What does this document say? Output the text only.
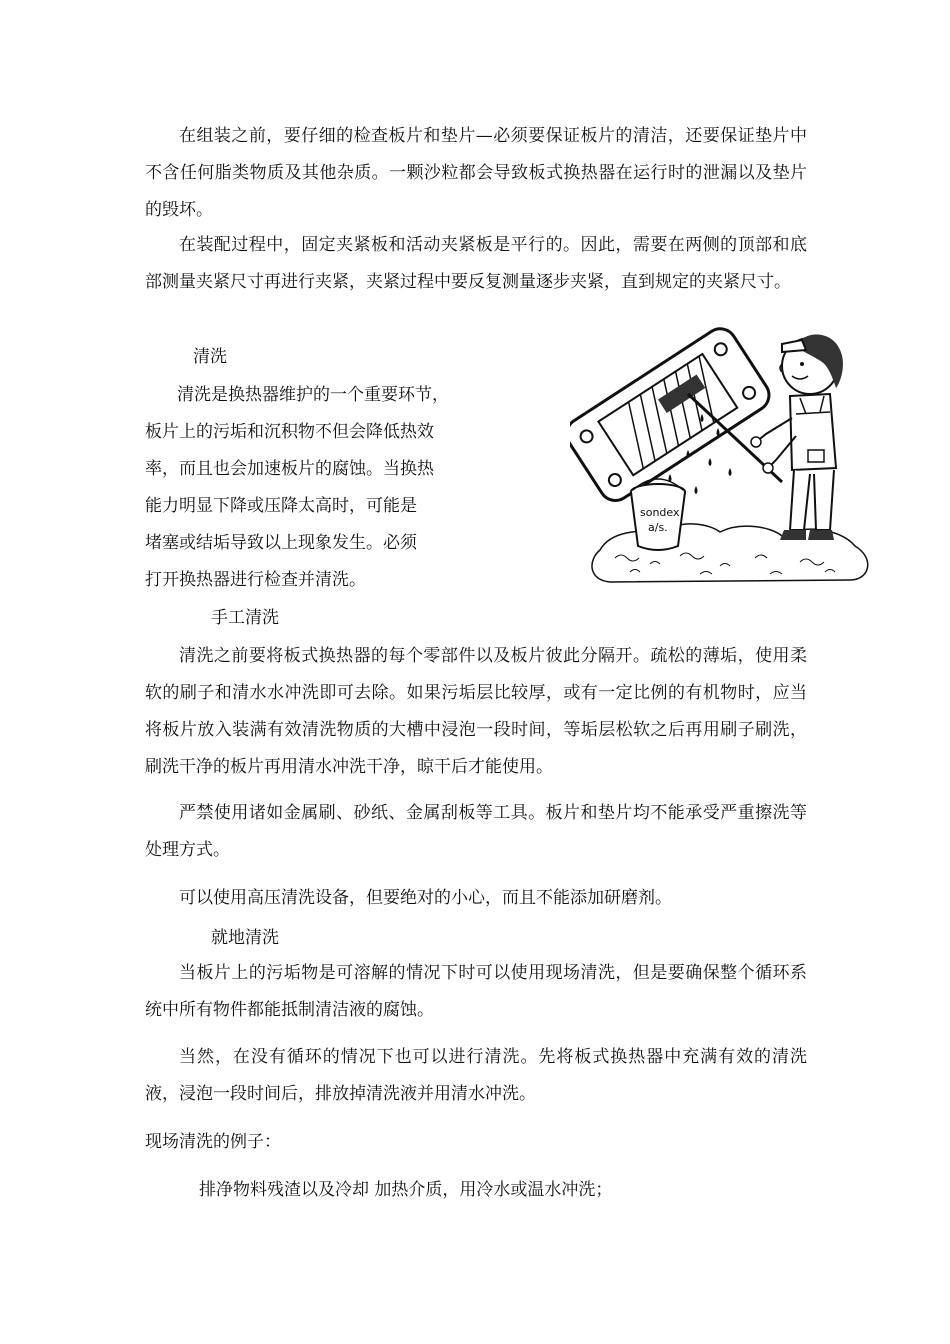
在组装之前，要仔细的检查板片和垫片—必须要保证板片的清洁，还要保证垫片中不含任何脂类物质及其他杂质。一颗沙粒都会导致板式换热器在运行时的泄漏以及垫片的毁坏。

在装配过程中，固定夹紧板和活动夹紧板是平行的。因此，需要在两侧的顶部和底部测量夹紧尺寸再进行夹紧，夹紧过程中要反复测量逐步夹紧，直到规定的夹紧尺寸。

清洗

清洗是换热器维护的一个重要环节，

板片上的污垢和沉积物不但会降低热效

率，而且也会加速板片的腐蚀。当换热

能力明显下降或压降太高时，可能是

堵塞或结垢导致以上现象发生。必须

打开换热器进行检查并清洗。

sondex
a/s.

手工清洗

清洗之前要将板式换热器的每个零部件以及板片彼此分隔开。疏松的薄垢，使用柔软的刷子和清水水冲洗即可去除。如果污垢层比较厚，或有一定比例的有机物时，应当将板片放入装满有效清洗物质的大槽中浸泡一段时间，等垢层松软之后再用刷子刷洗，刷洗干净的板片再用清水冲洗干净，晾干后才能使用。

严禁使用诸如金属刷、砂纸、金属刮板等工具。板片和垫片均不能承受严重擦洗等处理方式。

可以使用高压清洗设备，但要绝对的小心，而且不能添加研磨剂。

就地清洗

当板片上的污垢物是可溶解的情况下时可以使用现场清洗，但是要确保整个循环系统中所有物件都能抵制清洁液的腐蚀。

当然，在没有循环的情况下也可以进行清洗。先将板式换热器中充满有效的清洗液，浸泡一段时间后，排放掉清洗液并用清水冲洗。

现场清洗的例子：

排净物料残渣以及冷却 加热介质，用冷水或温水冲洗；
